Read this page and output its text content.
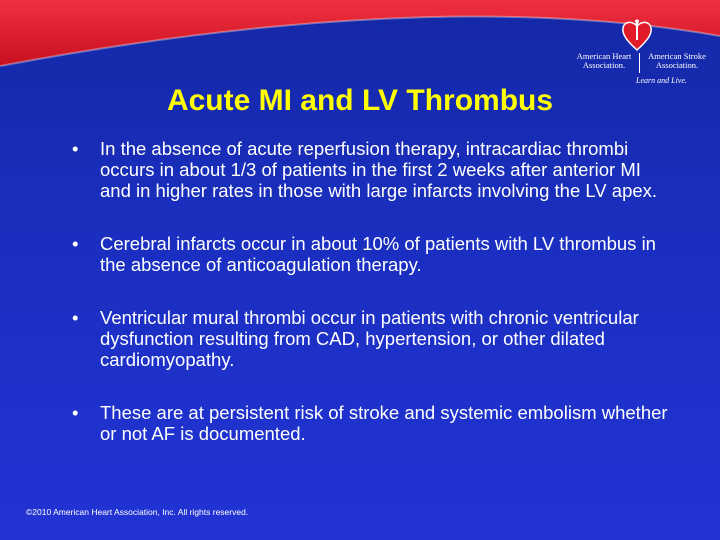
American Heart
Association.
American Stroke
Association.
Learn and Live.
Acute MI and LV Thrombus
• In the absence of acute reperfusion therapy, intracardiac thrombi occurs in about 1/3 of patients in the first 2 weeks after anterior MI and in higher rates in those with large infarcts involving the LV apex.
• Cerebral infarcts occur in about 10% of patients with LV thrombus in the absence of anticoagulation therapy.
• Ventricular mural thrombi occur in patients with chronic ventricular dysfunction resulting from CAD, hypertension, or other dilated cardiomyopathy.
• These are at persistent risk of stroke and systemic embolism whether or not AF is documented.
©2010 American Heart Association, Inc. All rights reserved.
